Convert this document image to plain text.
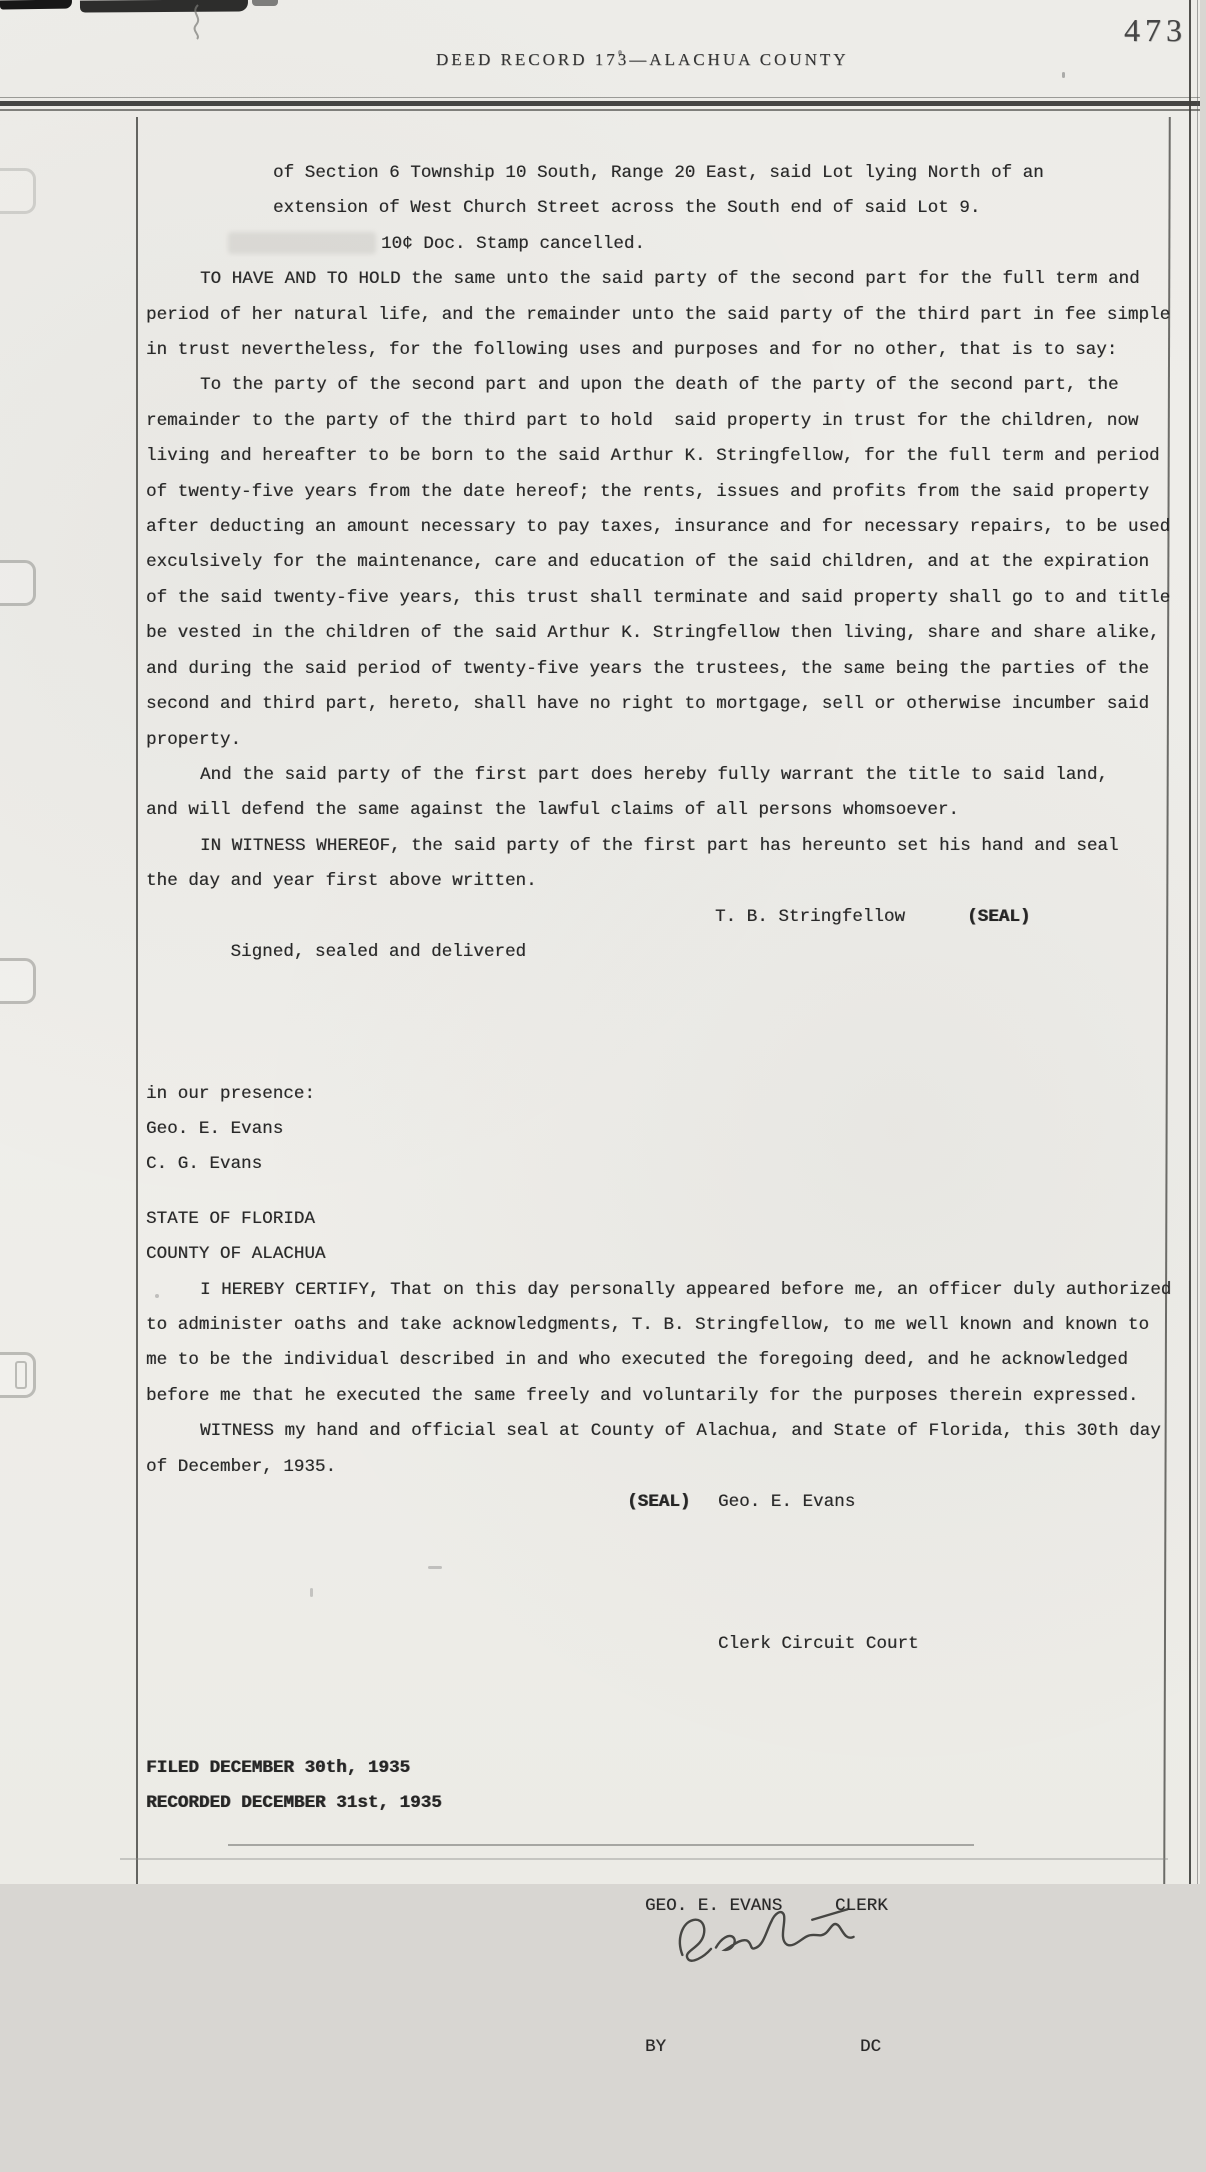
473
DEED RECORD 173—ALACHUA COUNTY
of Section 6 Township 10 South, Range 20 East, said Lot lying North of an
extension of West Church Street across the South end of said Lot 9.
10¢ Doc. Stamp cancelled.
TO HAVE AND TO HOLD the same unto the said party of the second part for the full term and
period of her natural life, and the remainder unto the said party of the third part in fee simple
in trust nevertheless, for the following uses and purposes and for no other, that is to say:
To the party of the second part and upon the death of the party of the second part, the
remainder to the party of the third part to hold  said property in trust for the children, now
living and hereafter to be born to the said Arthur K. Stringfellow, for the full term and period
of twenty-five years from the date hereof; the rents, issues and profits from the said property
after deducting an amount necessary to pay taxes, insurance and for necessary repairs, to be used
exculsively for the maintenance, care and education of the said children, and at the expiration
of the said twenty-five years, this trust shall terminate and said property shall go to and title
be vested in the children of the said Arthur K. Stringfellow then living, share and share alike,
and during the said period of twenty-five years the trustees, the same being the parties of the
second and third part, hereto, shall have no right to mortgage, sell or otherwise incumber said
property.
And the said party of the first part does hereby fully warrant the title to said land,
and will defend the same against the lawful claims of all persons whomsoever.
IN WITNESS WHEREOF, the said party of the first part has hereunto set his hand and seal
the day and year first above written.

Signed, sealed and delivered

T. B. Stringfellow

	(SEAL)

in our presence:
Geo. E. Evans
C. G. Evans
STATE OF FLORIDA
COUNTY OF ALACHUA
I HEREBY CERTIFY, That on this day personally appeared before me, an officer duly authorized
to administer oaths and take acknowledgments, T. B. Stringfellow, to me well known and known to
me to be the individual described in and who executed the foregoing deed, and he acknowledged
before me that he executed the same freely and voluntarily for the purposes therein expressed.
WITNESS my hand and official seal at County of Alachua, and State of Florida, this 30th day
of December, 1935.

(SEAL)

Geo. E. Evans

Clerk Circuit Court

FILED DECEMBER 30th, 1935
RECORDED DECEMBER 31st, 1935

GEO. E. EVANS

	CLERK

BY

	DC
